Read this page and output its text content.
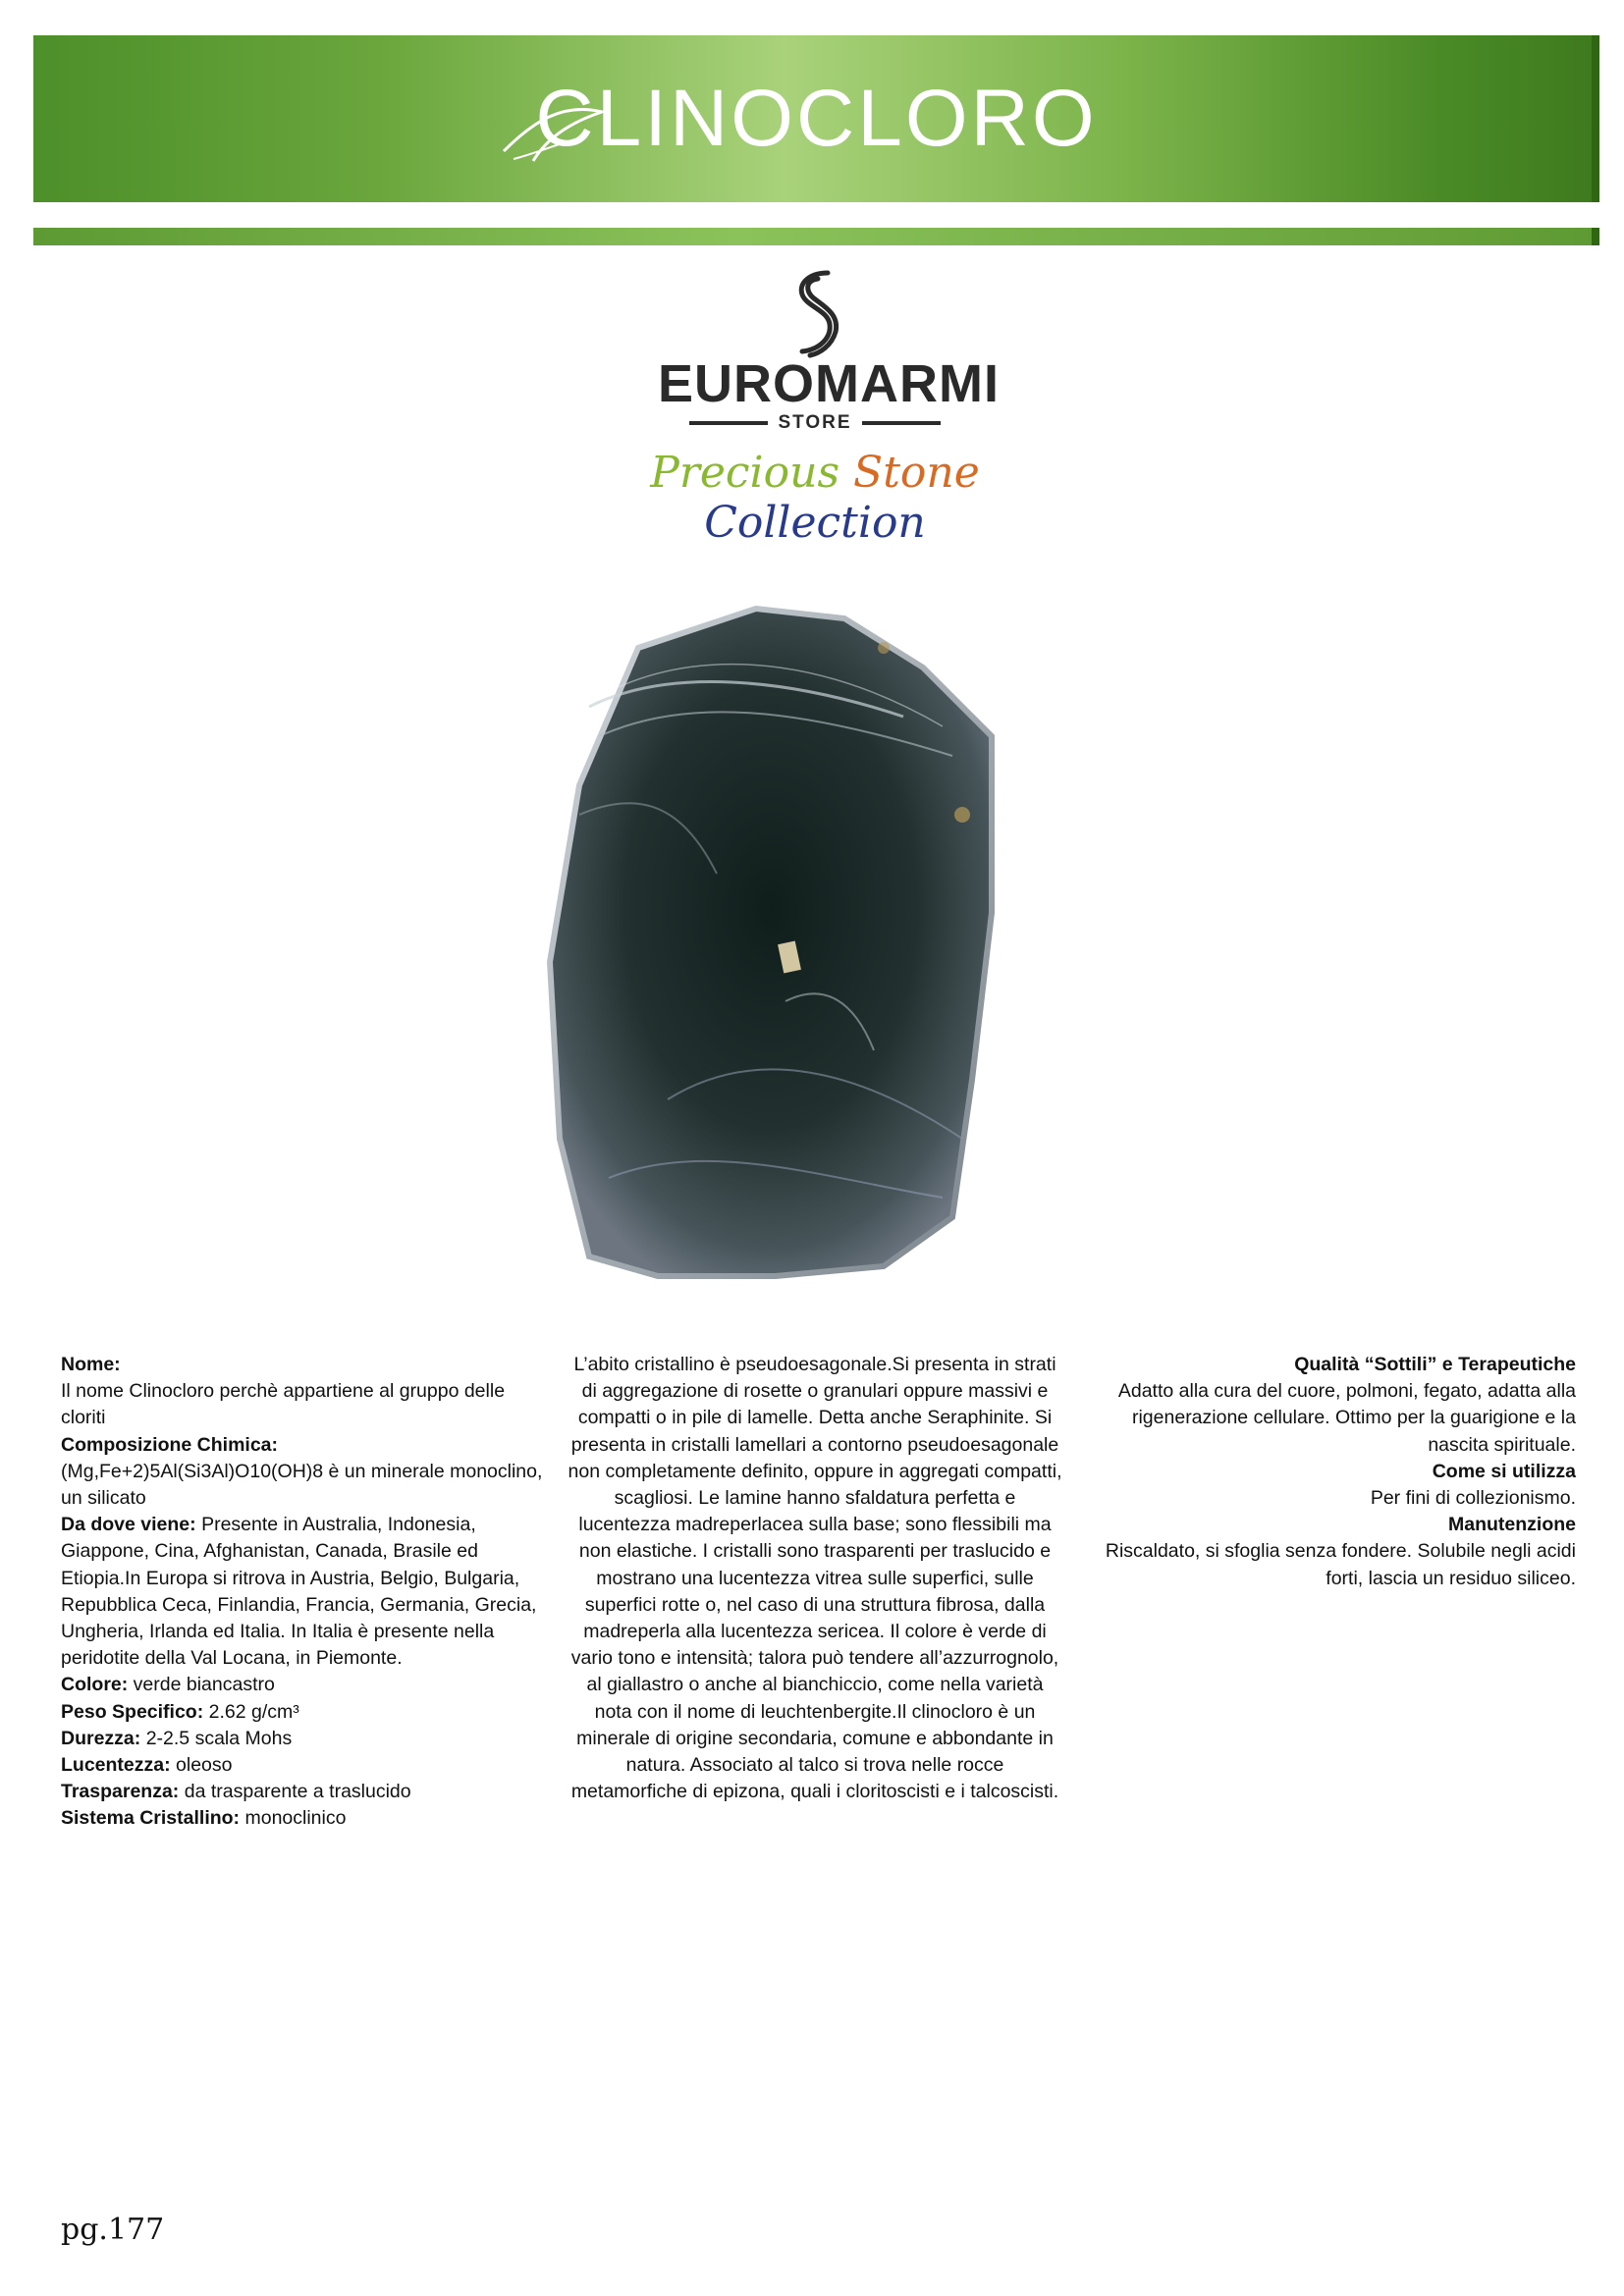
CLINOCLORO
EUROMARMI
STORE
Precious Stone Collection
Nome:
Il nome Clinocloro perchè appartiene al gruppo delle cloriti
Composizione Chimica:
(Mg,Fe+2)5Al(Si3Al)O10(OH)8 è un minerale monoclino, un silicato
Da dove viene: Presente in Australia, Indonesia, Giappone, Cina, Afghanistan, Canada, Brasile ed Etiopia.In Europa si ritrova in Austria, Belgio, Bulgaria, Repubblica Ceca, Finlandia, Francia, Germania, Grecia, Ungheria, Irlanda ed Italia. In Italia è presente nella peridotite della Val Locana, in Piemonte.
Colore: verde biancastro
Peso Specifico: 2.62 g/cm³
Durezza: 2-2.5 scala Mohs
Lucentezza: oleoso
Trasparenza: da trasparente a traslucido
Sistema Cristallino: monoclinico
L’abito cristallino è pseudoesagonale.Si presenta in strati di aggregazione di rosette o granulari oppure massivi e compatti o in pile di lamelle. Detta anche Seraphinite. Si presenta in cristalli lamellari a contorno pseudoesagonale non completamente definito, oppure in aggregati compatti, scagliosi. Le lamine hanno sfaldatura perfetta e lucentezza madreperlacea sulla base; sono flessibili ma non elastiche. I cristalli sono trasparenti per traslucido e mostrano una lucentezza vitrea sulle superfici, sulle superfici rotte o, nel caso di una struttura fibrosa, dalla madreperla alla lucentezza sericea. Il colore è verde di vario tono e intensità; talora può tendere all’azzurrognolo, al giallastro o anche al bianchiccio, come nella varietà nota con il nome di leuchtenbergite.Il clinocloro è un minerale di origine secondaria, comune e abbondante in natura. Associato al talco si trova nelle rocce metamorfiche di epizona, quali i cloritoscisti e i talcoscisti.
Qualità “Sottili” e Terapeutiche
Adatto alla cura del cuore, polmoni, fegato, adatta alla rigenerazione cellulare. Ottimo per la guarigione e la nascita spirituale.
Come si utilizza
Per fini di collezionismo.
Manutenzione
Riscaldato, si sfoglia senza fondere. Solubile negli acidi forti, lascia un residuo siliceo.
pg.177
